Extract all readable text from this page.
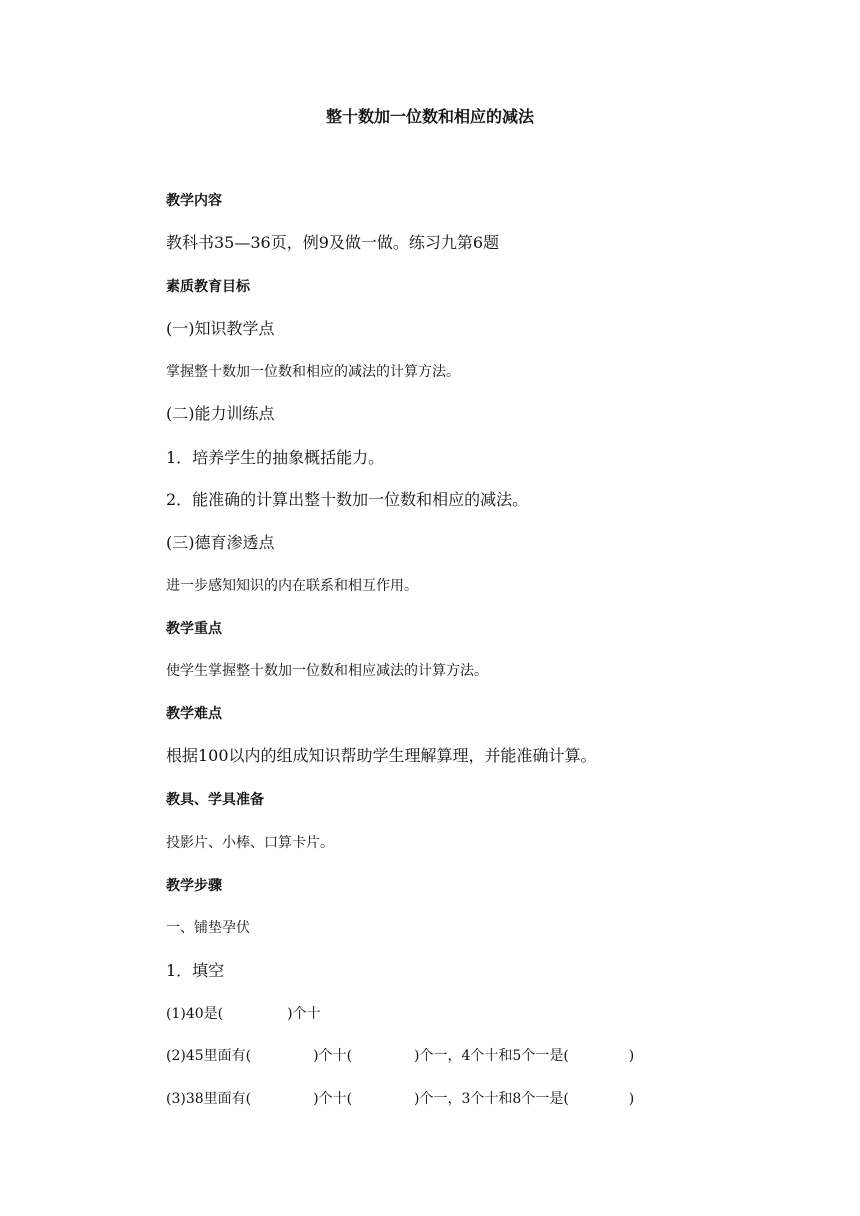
整十数加一位数和相应的减法
教学内容
教科书35—36页，例9及做一做。练习九第6题
素质教育目标
(一)知识教学点
掌握整十数加一位数和相应的减法的计算方法。
(二)能力训练点
1．培养学生的抽象概括能力。
2．能准确的计算出整十数加一位数和相应的减法。
(三)德育渗透点
进一步感知知识的内在联系和相互作用。
教学重点
使学生掌握整十数加一位数和相应减法的计算方法。
教学难点
根据100以内的组成知识帮助学生理解算理，并能准确计算。
教具、学具准备
投影片、小棒、口算卡片。
教学步骤
一、铺垫孕伏
1．填空
(1)40是(	)个十
(2)45里面有(	)个十(	)个一，4个十和5个一是(	)
(3)38里面有(	)个十(	)个一，3个十和8个一是(	)
